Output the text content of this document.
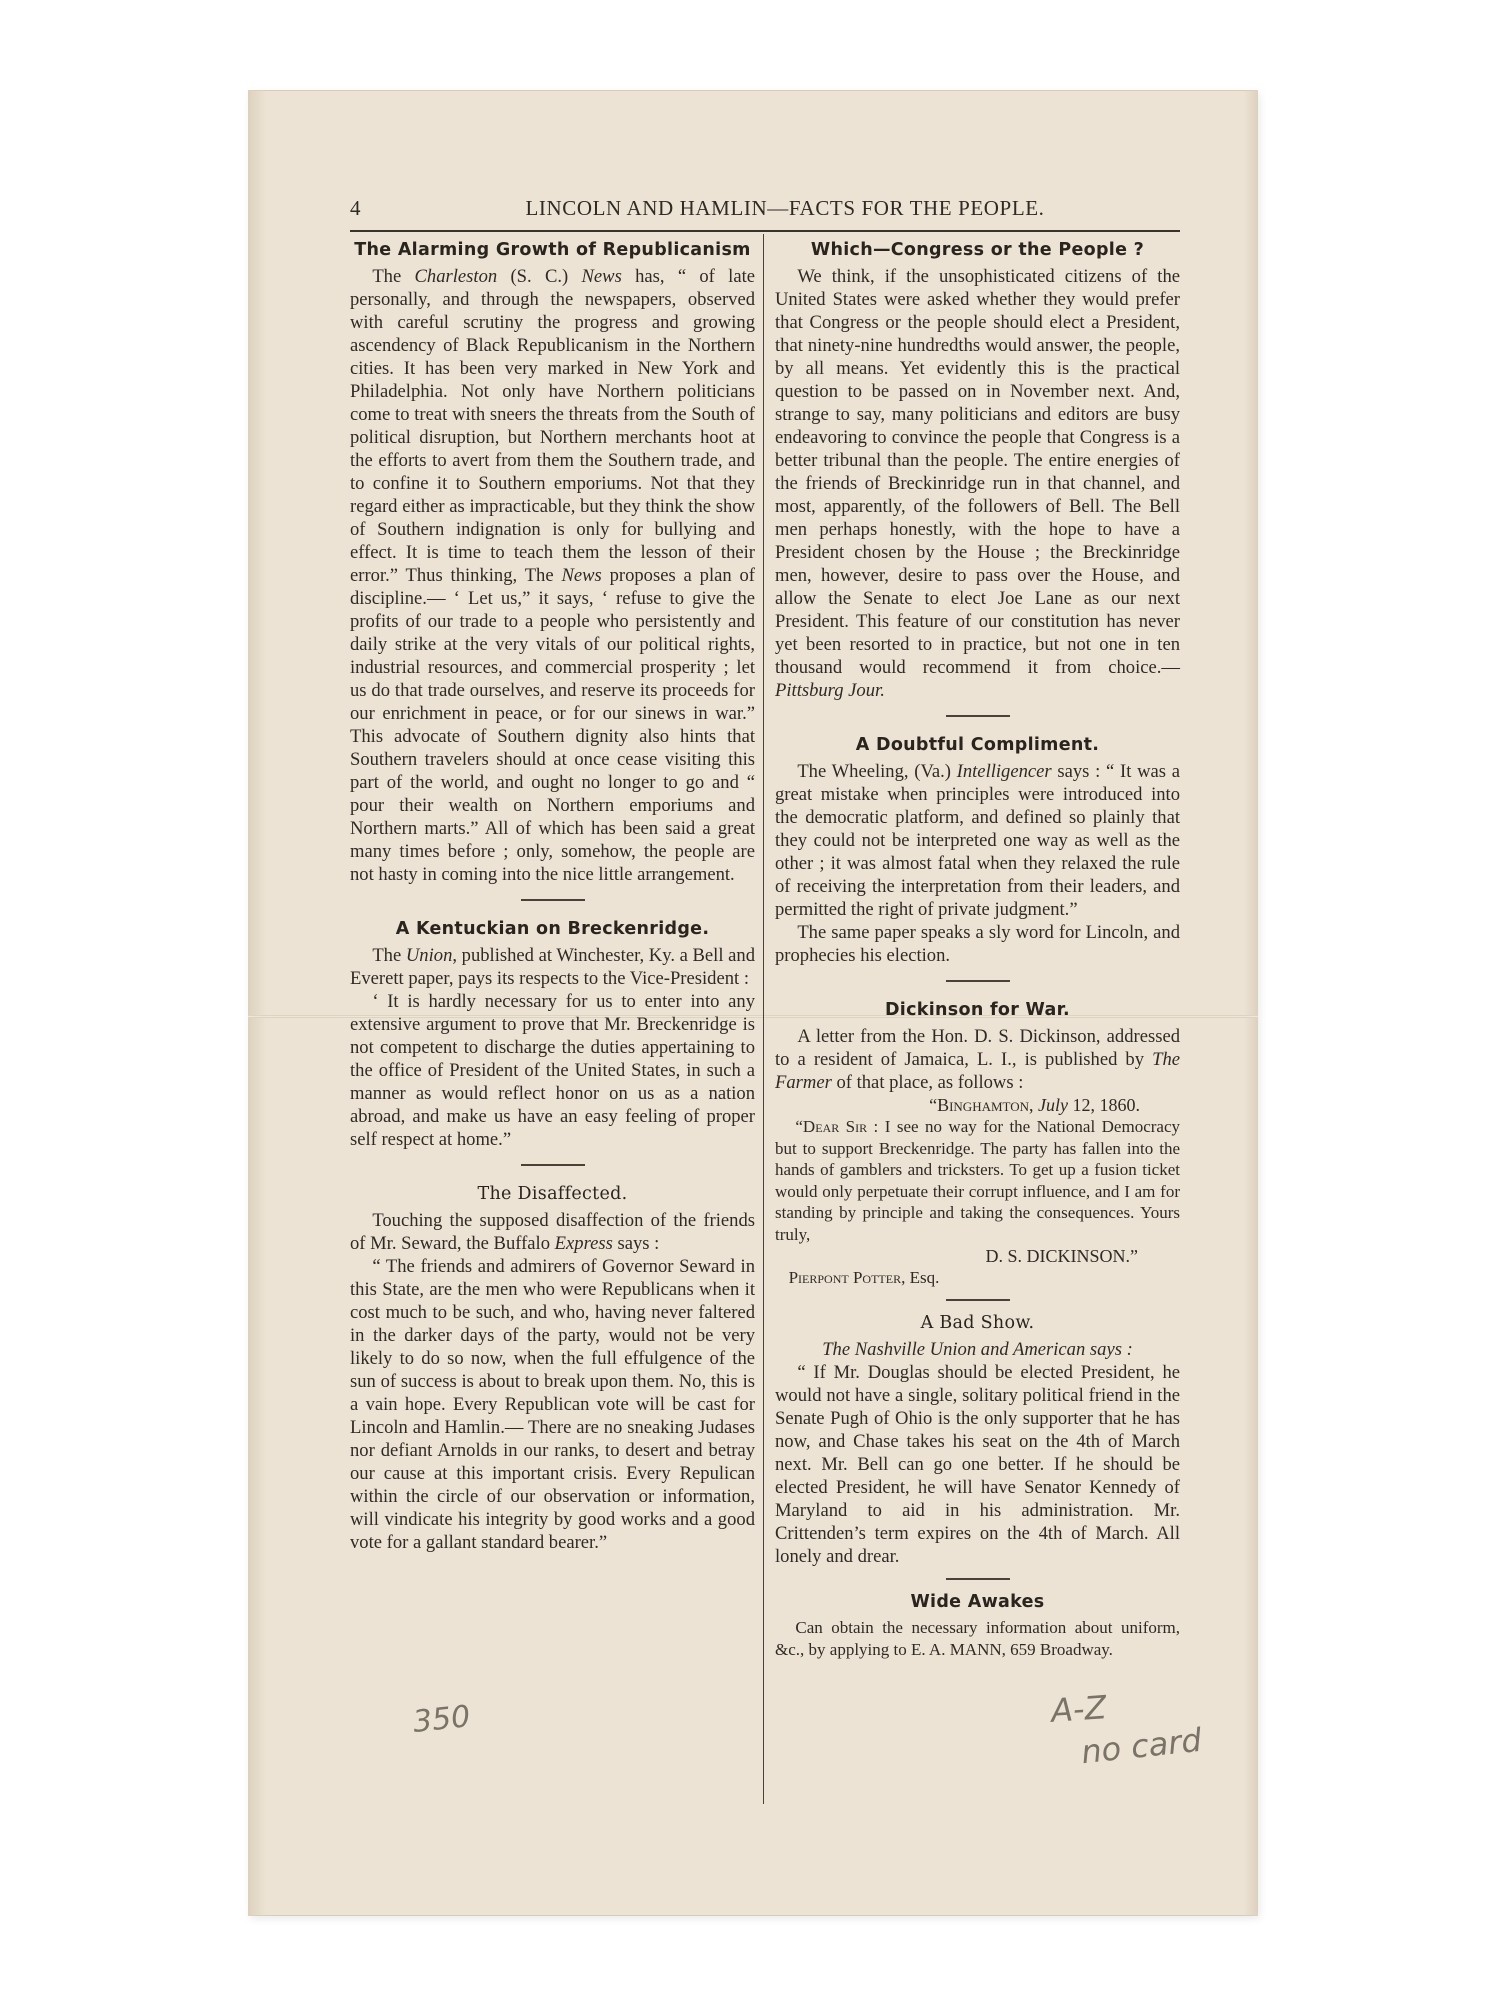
4	LINCOLN AND HAMLIN—FACTS FOR THE PEOPLE.
The Alarming Growth of Republicanism

The Charleston (S. C.) News has, “ of late personally, and through the newspapers, observed with careful scrutiny the progress and growing ascendency of Black Republicanism in the Northern cities. It has been very marked in New York and Philadelphia. Not only have Northern politicians come to treat with sneers the threats from the South of political disruption, but Northern merchants hoot at the efforts to avert from them the Southern trade, and to confine it to Southern emporiums. Not that they regard either as impracticable, but they think the show of Southern indignation is only for bullying and effect. It is time to teach them the lesson of their error.” Thus thinking, The News proposes a plan of discipline.— ‘ Let us,” it says, ‘ refuse to give the profits of our trade to a people who persistently and daily strike at the very vitals of our political rights, industrial resources, and commercial prosperity ; let us do that trade ourselves, and reserve its proceeds for our enrichment in peace, or for our sinews in war.” This advocate of Southern dignity also hints that Southern travelers should at once cease visiting this part of the world, and ought no longer to go and “ pour their wealth on Northern emporiums and Northern marts.” All of which has been said a great many times before ; only, somehow, the people are not hasty in coming into the nice little arrangement.

A Kentuckian on Breckenridge.

The Union, published at Winchester, Ky. a Bell and Everett paper, pays its respects to the Vice-President :

‘ It is hardly necessary for us to enter into any extensive argument to prove that Mr. Breckenridge is not competent to discharge the duties appertaining to the office of President of the United States, in such a manner as would reflect honor on us as a nation abroad, and make us have an easy feeling of proper self respect at home.”

The Disaffected.

Touching the supposed disaffection of the friends of Mr. Seward, the Buffalo Express says :

“ The friends and admirers of Governor Seward in this State, are the men who were Republicans when it cost much to be such, and who, having never faltered in the darker days of the party, would not be very likely to do so now, when the full effulgence of the sun of success is about to break upon them. No, this is a vain hope. Every Republican vote will be cast for Lincoln and Hamlin.— There are no sneaking Judases nor defiant Arnolds in our ranks, to desert and betray our cause at this important crisis. Every Repulican within the circle of our observation or information, will vindicate his integrity by good works and a good vote for a gallant standard bearer.”

Which—Congress or the People ?

We think, if the unsophisticated citizens of the United States were asked whether they would prefer that Congress or the people should elect a President, that ninety-nine hundredths would answer, the people, by all means. Yet evidently this is the practical question to be passed on in November next. And, strange to say, many politicians and editors are busy endeavoring to convince the people that Congress is a better tribunal than the people. The entire energies of the friends of Breckinridge run in that channel, and most, apparently, of the followers of Bell. The Bell men perhaps honestly, with the hope to have a President chosen by the House ; the Breckinridge men, however, desire to pass over the House, and allow the Senate to elect Joe Lane as our next President. This feature of our constitution has never yet been resorted to in practice, but not one in ten thousand would recommend it from choice.—Pittsburg Jour.

A Doubtful Compliment.

The Wheeling, (Va.) Intelligencer says : “ It was a great mistake when principles were introduced into the democratic platform, and defined so plainly that they could not be interpreted one way as well as the other ; it was almost fatal when they relaxed the rule of receiving the interpretation from their leaders, and permitted the right of private judgment.”

The same paper speaks a sly word for Lincoln, and prophecies his election.

Dickinson for War.

A letter from the Hon. D. S. Dickinson, addressed to a resident of Jamaica, L. I., is published by The Farmer of that place, as follows :

“Binghamton, July 12, 1860.

“Dear Sir : I see no way for the National Democracy but to support Breckenridge. The party has fallen into the hands of gamblers and tricksters. To get up a fusion ticket would only perpetuate their corrupt influence, and I am for standing by principle and taking the consequences. Yours truly,

D. S. DICKINSON.”
Pierpont Potter, Esq.
A Bad Show.
The Nashville Union and American says :

“ If Mr. Douglas should be elected President, he would not have a single, solitary political friend in the Senate Pugh of Ohio is the only supporter that he has now, and Chase takes his seat on the 4th of March next. Mr. Bell can go one better. If he should be elected President, he will have Senator Kennedy of Maryland to aid in his administration. Mr. Crittenden’s term expires on the 4th of March. All lonely and drear.

Wide Awakes

Can obtain the necessary information about uniform, &c., by applying to E. A. MANN, 659 Broadway.

350	A-Z
no card
